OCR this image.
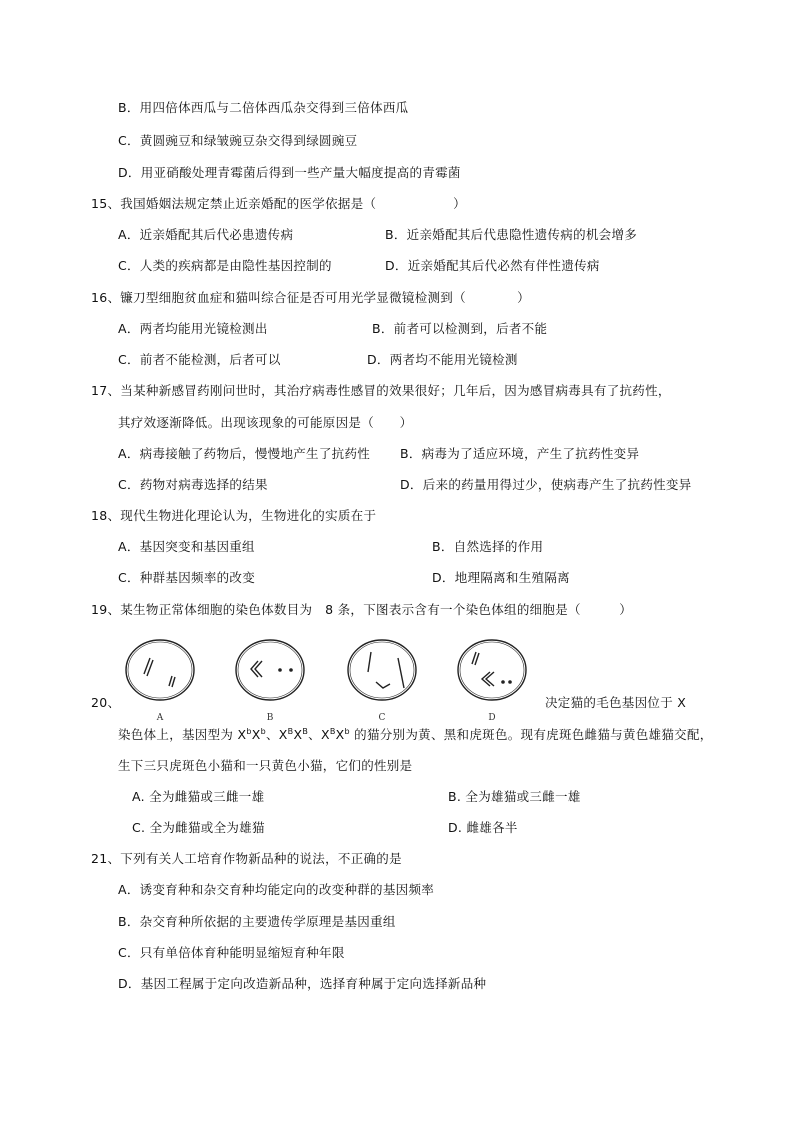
B．用四倍体西瓜与二倍体西瓜杂交得到三倍体西瓜
C．黄圆豌豆和绿皱豌豆杂交得到绿圆豌豆
D．用亚硝酸处理青霉菌后得到一些产量大幅度提高的青霉菌
15、我国婚姻法规定禁止近亲婚配的医学依据是（　　　　　　）
A．近亲婚配其后代必患遗传病	B．近亲婚配其后代患隐性遗传病的机会增多
C．人类的疾病都是由隐性基因控制的	D．近亲婚配其后代必然有伴性遗传病
16、镰刀型细胞贫血症和猫叫综合征是否可用光学显微镜检测到（　　　　）
A．两者均能用光镜检测出	B．前者可以检测到，后者不能
C．前者不能检测，后者可以	D．两者均不能用光镜检测
17、当某种新感冒药刚问世时，其治疗病毒性感冒的效果很好；几年后，因为感冒病毒具有了抗药性，
其疗效逐渐降低。出现该现象的可能原因是（　　）
A．病毒接触了药物后，慢慢地产生了抗药性 B．病毒为了适应环境，产生了抗药性变异
C．药物对病毒选择的结果	D．后来的药量用得过少，使病毒产生了抗药性变异
18、现代生物进化理论认为，生物进化的实质在于
A．基因突变和基因重组	B．自然选择的作用
C．种群基因频率的改变	D．地理隔离和生殖隔离
19、某生物正常体细胞的染色体数目为　8 条，下图表示含有一个染色体组的细胞是（　　　）
A	B	C	D
20、	决定猫的毛色基因位于 X
染色体上，基因型为 $X^bX^b$、$X^BX^B$、$X^BX^b$ 的猫分别为黄、黑和虎斑色。现有虎斑色雌猫与黄色雄猫交配，
生下三只虎斑色小猫和一只黄色小猫，它们的性别是
A. 全为雌猫或三雌一雄	B. 全为雄猫或三雌一雄
C. 全为雌猫或全为雄猫	D. 雌雄各半
21、下列有关人工培育作物新品种的说法，不正确的是
A．诱变育种和杂交育种均能定向的改变种群的基因频率
B．杂交育种所依据的主要遗传学原理是基因重组
C．只有单倍体育种能明显缩短育种年限
D．基因工程属于定向改造新品种，选择育种属于定向选择新品种
